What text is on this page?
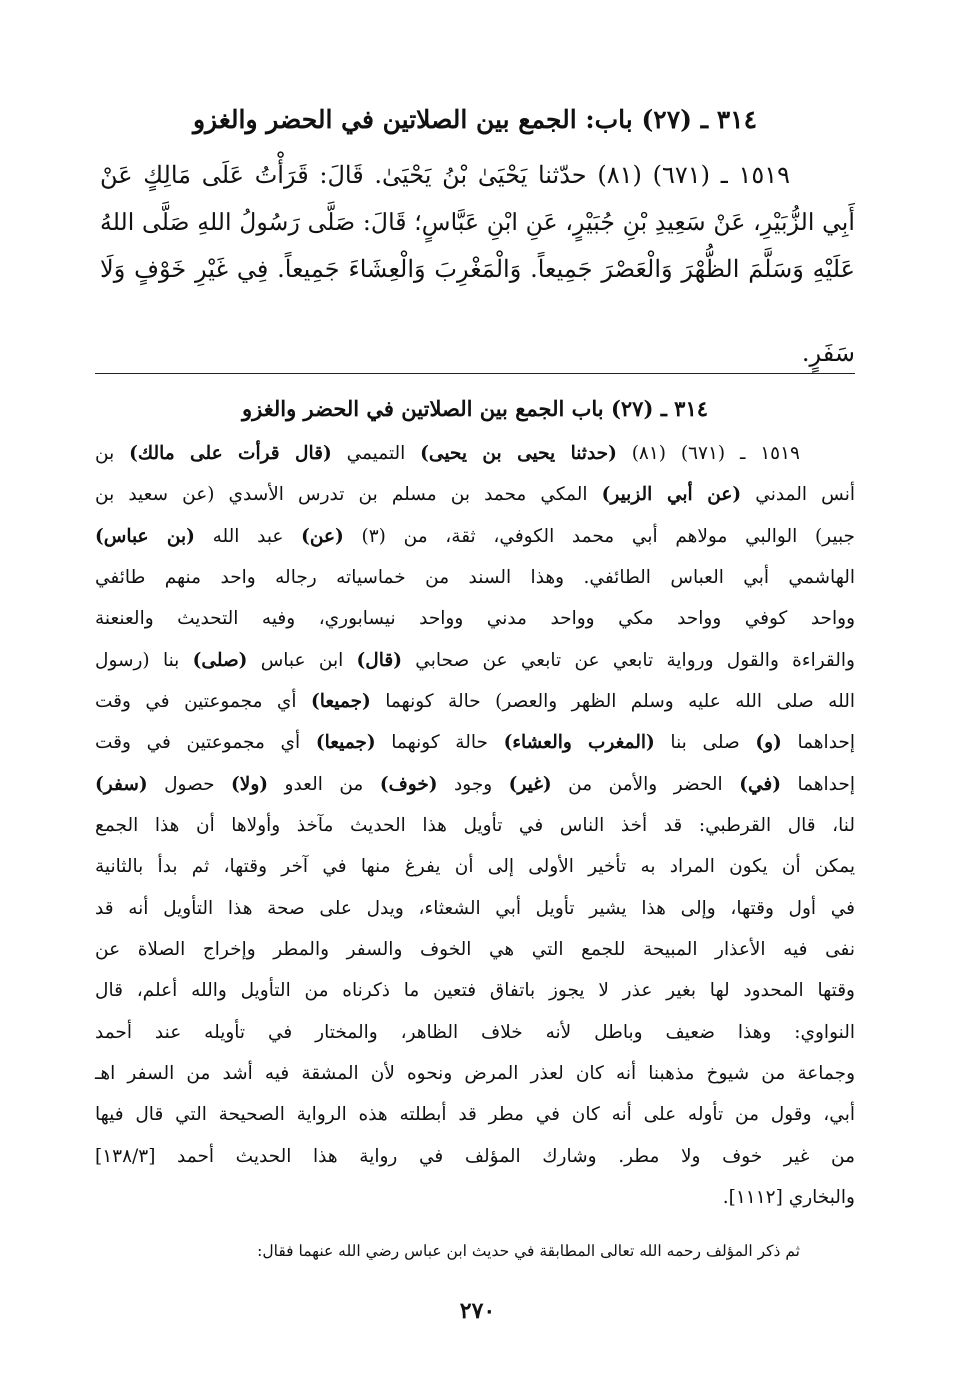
٣١٤ ـ (٢٧) باب: الجمع بين الصلاتين في الحضر والغزو
١٥١٩ ـ (٦٧١) (٨١) حدّثنا يَحْيَىٰ بْنُ يَحْيَىٰ. قَالَ: قَرَأْتُ عَلَى مَالِكٍ عَنْ
أَبِي الزُّبَيْرِ، عَنْ سَعِيدِ بْنِ جُبَيْرٍ، عَنِ ابْنِ عَبَّاسٍ؛ قَالَ: صَلَّى رَسُولُ اللهِ صَلَّى اللهُ
عَلَيْهِ وَسَلَّمَ الظُّهْرَ وَالْعَصْرَ جَمِيعاً. وَالْمَغْرِبَ وَالْعِشَاءَ جَمِيعاً. فِي غَيْرِ خَوْفٍ وَلَا
سَفَرٍ.
٣١٤ ـ (٢٧) باب الجمع بين الصلاتين في الحضر والغزو
١٥١٩ ـ (٦٧١) (٨١) (حدثنا يحيى بن يحيى) التميمي (قال قرأت على مالك) بن
أنس المدني (عن أبي الزبير) المكي محمد بن مسلم بن تدرس الأسدي (عن سعيد بن
جبير) الوالبي مولاهم أبي محمد الكوفي، ثقة، من (٣) (عن) عبد الله (بن عباس)
الهاشمي أبي العباس الطائفي. وهذا السند من خماسياته رجاله واحد منهم طائفي
وواحد كوفي وواحد مكي وواحد مدني وواحد نيسابوري، وفيه التحديث والعنعنة
والقراءة والقول ورواية تابعي عن تابعي عن صحابي (قال) ابن عباس (صلى) بنا (رسول
الله صلى الله عليه وسلم الظهر والعصر) حالة كونهما (جميعا) أي مجموعتين في وقت
إحداهما (و) صلى بنا (المغرب والعشاء) حالة كونهما (جميعا) أي مجموعتين في وقت
إحداهما (في) الحضر والأمن من (غير) وجود (خوف) من العدو (ولا) حصول (سفر)
لنا، قال القرطبي: قد أخذ الناس في تأويل هذا الحديث مآخذ وأولاها أن هذا الجمع
يمكن أن يكون المراد به تأخير الأولى إلى أن يفرغ منها في آخر وقتها، ثم بدأ بالثانية
في أول وقتها، وإلى هذا يشير تأويل أبي الشعثاء، ويدل على صحة هذا التأويل أنه قد
نفى فيه الأعذار المبيحة للجمع التي هي الخوف والسفر والمطر وإخراج الصلاة عن
وقتها المحدود لها بغير عذر لا يجوز باتفاق فتعين ما ذكرناه من التأويل والله أعلم، قال
النواوي: وهذا ضعيف وباطل لأنه خلاف الظاهر، والمختار في تأويله عند أحمد
وجماعة من شيوخ مذهبنا أنه كان لعذر المرض ونحوه لأن المشقة فيه أشد من السفر اهـ
أبي، وقول من تأوله على أنه كان في مطر قد أبطلته هذه الرواية الصحيحة التي قال فيها
من غير خوف ولا مطر. وشارك المؤلف في رواية هذا الحديث أحمد [١٣٨/٣]
والبخاري [١١١٢].
ثم ذكر المؤلف رحمه الله تعالى المطابقة في حديث ابن عباس رضي الله عنهما فقال:
٢٧٠
